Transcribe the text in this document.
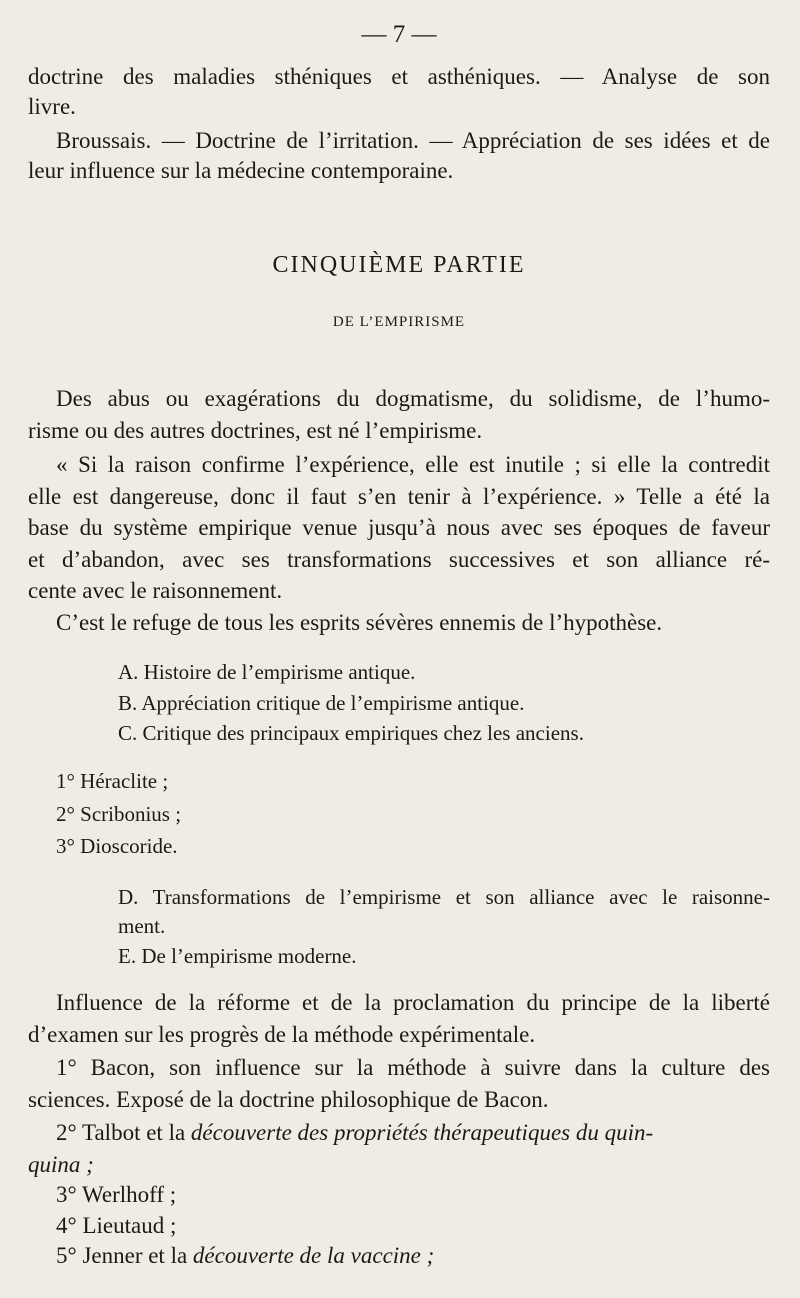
— 7 —
doctrine des maladies sthéniques et asthéniques. — Analyse de son
livre.
Broussais. — Doctrine de l’irritation. — Appréciation de ses idées et de
leur influence sur la médecine contemporaine.
CINQUIÈME PARTIE
DE L’EMPIRISME
Des abus ou exagérations du dogmatisme, du solidisme, de l’humo-
risme ou des autres doctrines, est né l’empirisme.
« Si la raison confirme l’expérience, elle est inutile ; si elle la contredit
elle est dangereuse, donc il faut s’en tenir à l’expérience. » Telle a été la
base du système empirique venue jusqu’à nous avec ses époques de faveur
et d’abandon, avec ses transformations successives et son alliance ré-
cente avec le raisonnement.
C’est le refuge de tous les esprits sévères ennemis de l’hypothèse.
A. Histoire de l’empirisme antique.
B. Appréciation critique de l’empirisme antique.
C. Critique des principaux empiriques chez les anciens.
1° Héraclite ;
2° Scribonius ;
3° Dioscoride.
D. Transformations de l’empirisme et son alliance avec le raisonne-
ment.
E. De l’empirisme moderne.
Influence de la réforme et de la proclamation du principe de la liberté
d’examen sur les progrès de la méthode expérimentale.
1° Bacon, son influence sur la méthode à suivre dans la culture des
sciences. Exposé de la doctrine philosophique de Bacon.
2° Talbot et la découverte des propriétés thérapeutiques du quin-
quina ;
3° Werlhoff ;
4° Lieutaud ;
5° Jenner et la découverte de la vaccine ;
